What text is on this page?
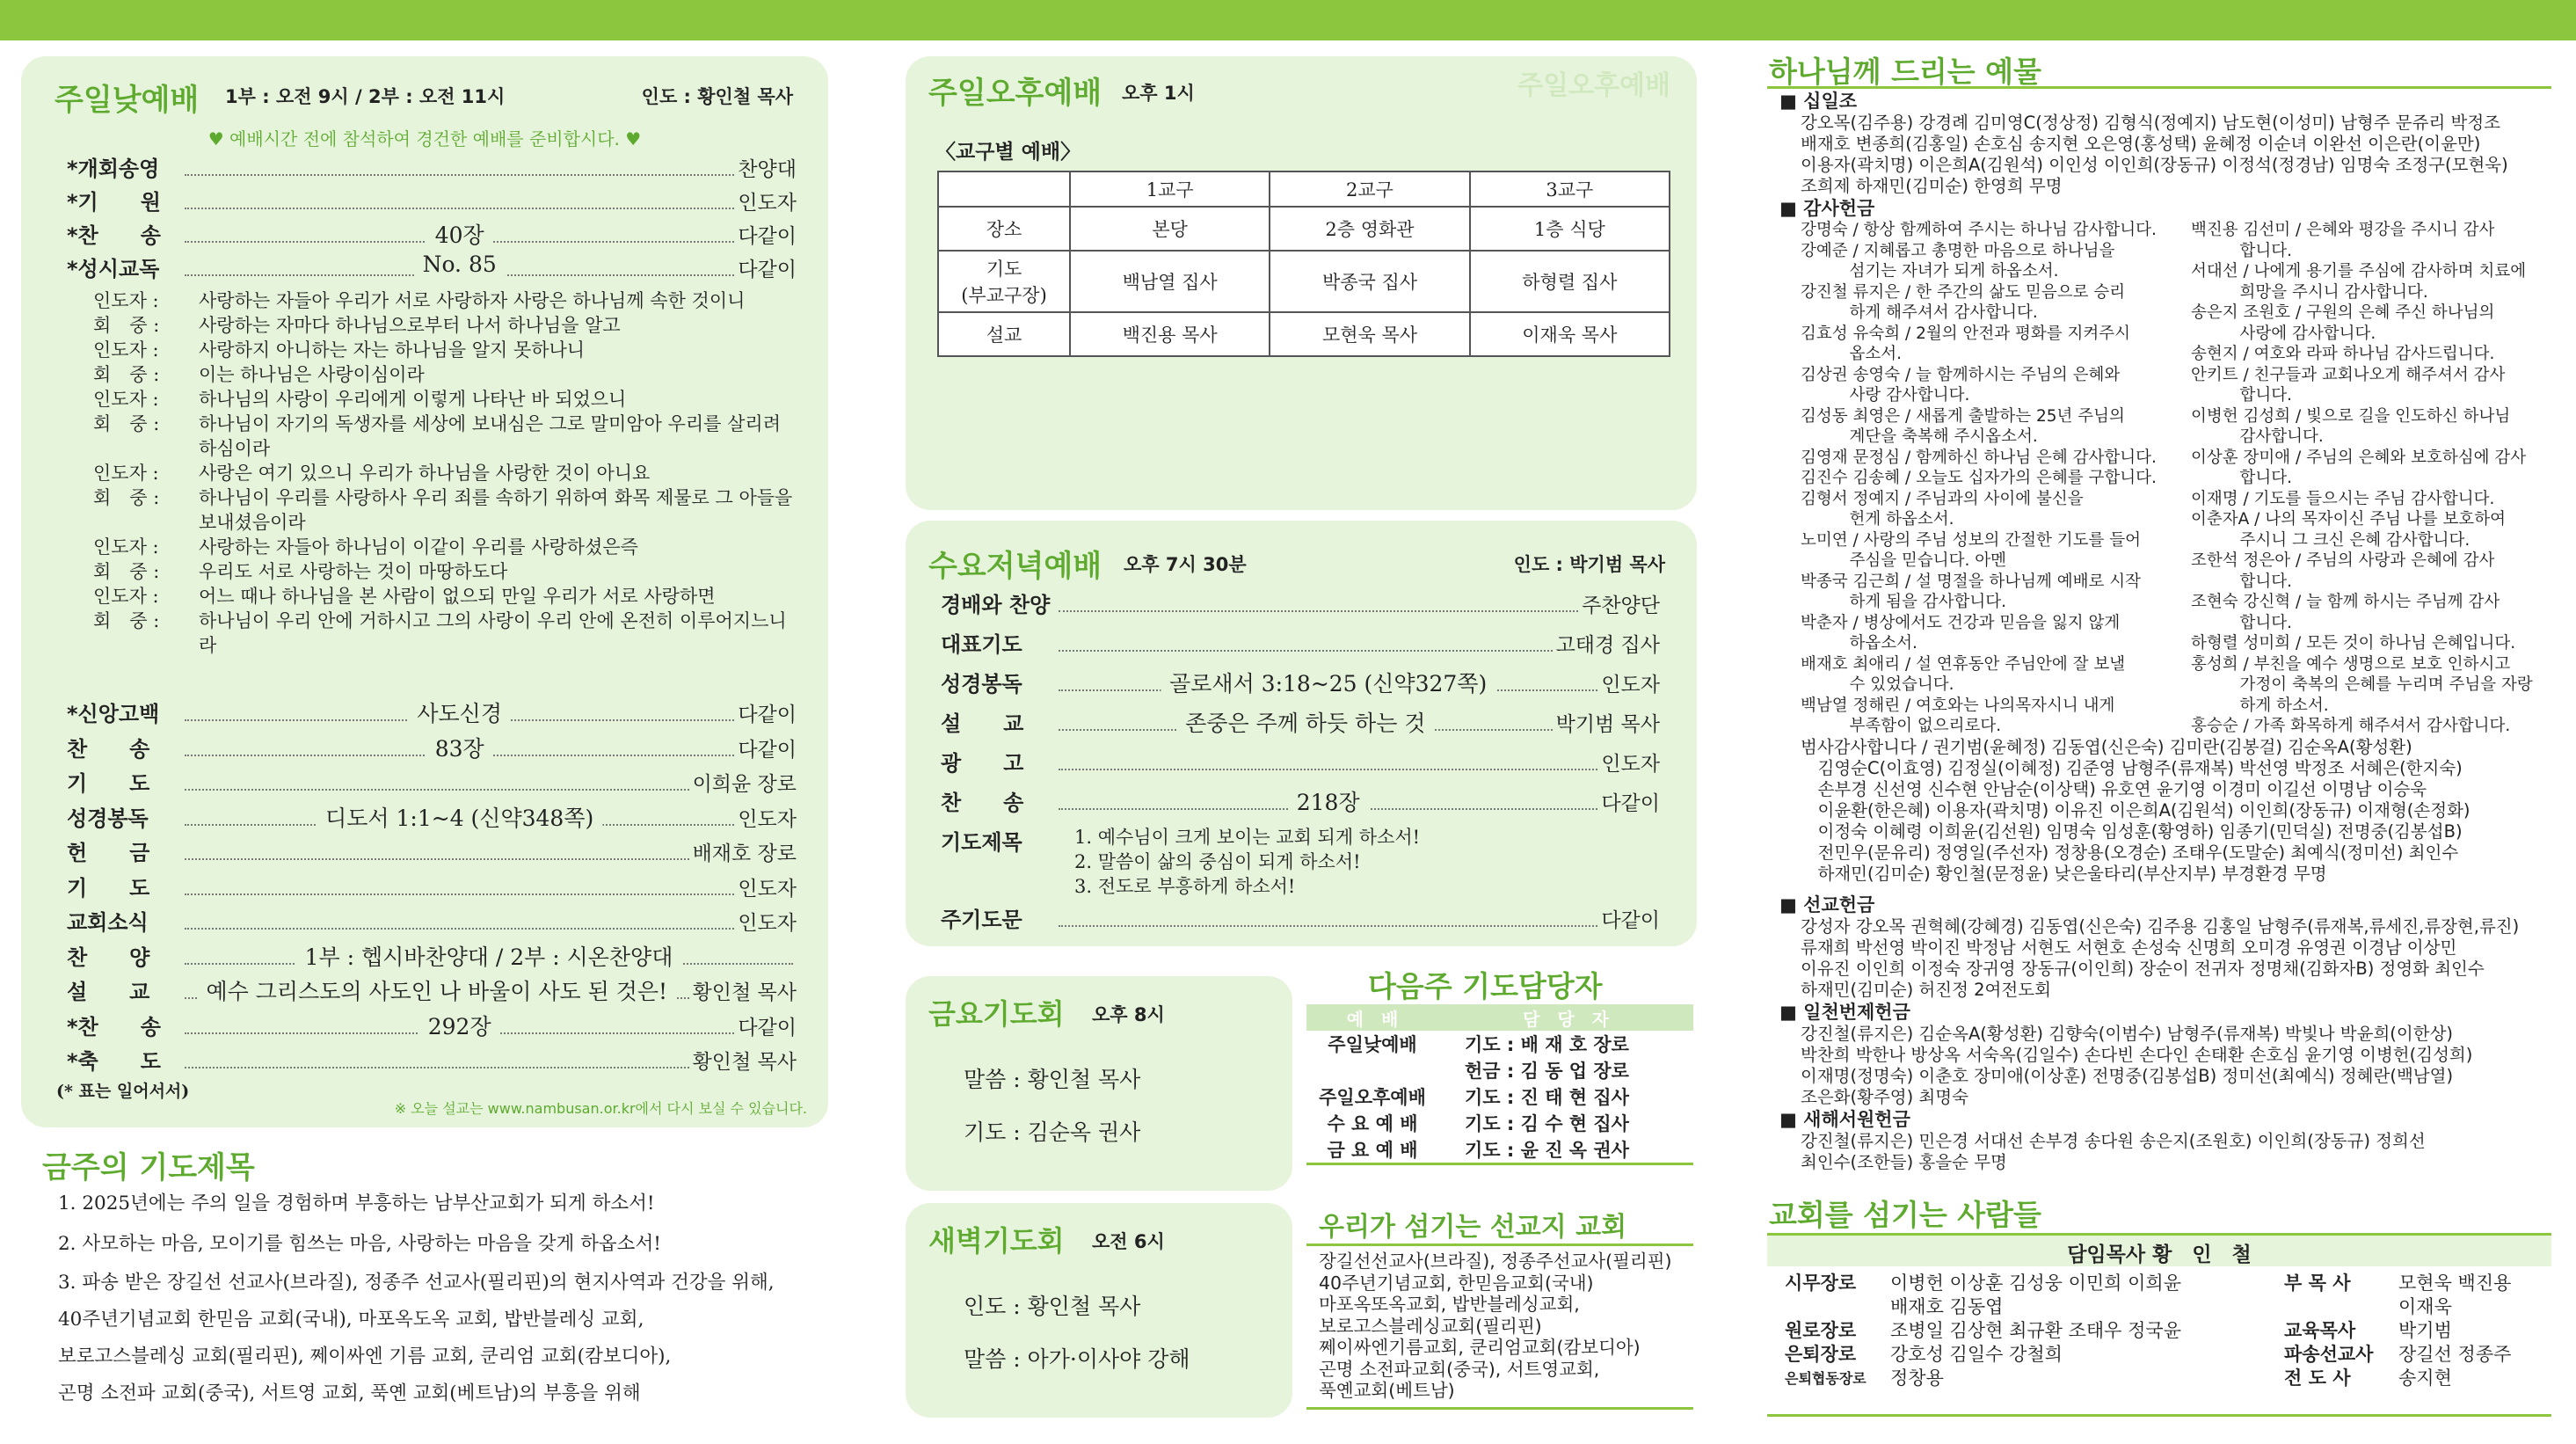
주일낮예배 1부 : 오전 9시 / 2부 : 오전 11시	인도 : 황인철 목사
♥ 예배시간 전에 참석하여 경건한 예배를 준비합시다. ♥
*개회송영	찬양대
*기　　원	인도자
*찬　　송	40장	다같이
*성시교독	No. 85	다같이
인도자 :	사랑하는 자들아 우리가 서로 사랑하자 사랑은 하나님께 속한 것이니
회　중 :	사랑하는 자마다 하나님으로부터 나서 하나님을 알고
인도자 :	사랑하지 아니하는 자는 하나님을 알지 못하나니
회　중 :	이는 하나님은 사랑이심이라
인도자 :	하나님의 사랑이 우리에게 이렇게 나타난 바 되었으니
회　중 :	하나님이 자기의 독생자를 세상에 보내심은 그로 말미암아 우리를 살리려 하심이라
인도자 :	사랑은 여기 있으니 우리가 하나님을 사랑한 것이 아니요
회　중 :	하나님이 우리를 사랑하사 우리 죄를 속하기 위하여 화목 제물로 그 아들을 보내셨음이라
인도자 :	사랑하는 자들아 하나님이 이같이 우리를 사랑하셨은즉
회　중 :	우리도 서로 사랑하는 것이 마땅하도다
인도자 :	어느 때나 하나님을 본 사람이 없으되 만일 우리가 서로 사랑하면
회　중 :	하나님이 우리 안에 거하시고 그의 사랑이 우리 안에 온전히 이루어지느니라
*신앙고백	사도신경	다같이
찬　　송	83장	다같이
기　　도	이희윤 장로
성경봉독	디도서 1:1~4 (신약348쪽)	인도자
헌　　금	배재호 장로
기　　도	인도자
교회소식	인도자
찬　　양	1부 : 헵시바찬양대 / 2부 : 시온찬양대
설　　교	예수 그리스도의 사도인 나 바울이 사도 된 것은!	황인철 목사
*찬　　송	292장	다같이
*축　　도	황인철 목사
(* 표는 일어서서)
※ 오늘 설교는 www.nambusan.or.kr에서 다시 보실 수 있습니다.
금주의 기도제목
1. 2025년에는 주의 일을 경험하며 부흥하는 남부산교회가 되게 하소서!
2. 사모하는 마음, 모이기를 힘쓰는 마음, 사랑하는 마음을 갖게 하옵소서!
3. 파송 받은 장길선 선교사(브라질), 정종주 선교사(필리핀)의 현지사역과 건강을 위해,
40주년기념교회 한믿음 교회(국내), 마포옥도옥 교회, 밥반블레싱 교회,
보로고스블레싱 교회(필리핀), 쩨이싸엔 기름 교회, 쿤리엄 교회(캄보디아),
곤명 소전파 교회(중국), 서트영 교회, 푹옌 교회(베트남)의 부흥을 위해
주일오후예배
주일오후예배 오후 1시
〈교구별 예배〉
	1교구	2교구	3교구

장소	본당	2층 영화관	1층 식당

기도
(부교구장)	백남열 집사	박종국 집사	하형렬 집사

설교	백진용 목사	모현욱 목사	이재욱 목사
수요저녁예배 오후 7시 30분	인도 : 박기범 목사
경배와 찬양	주찬양단
대표기도	고태경 집사
성경봉독	골로새서 3:18~25 (신약327쪽)	인도자
설　　교	존중은 주께 하듯 하는 것	박기범 목사
광　　고	인도자
찬　　송	218장	다같이
기도제목	1. 예수님이 크게 보이는 교회 되게 하소서!
2. 말씀이 삶의 중심이 되게 하소서!
3. 전도로 부흥하게 하소서!
주기도문	다같이
금요기도회 오후 8시
말씀 : 황인철 목사
기도 : 김순옥 권사
새벽기도회 오전 6시
인도 : 황인철 목사
말씀 : 아가·이사야 강해
다음주 기도담당자
예　배	담　당　자
주일낮예배	기도 : 배 재 호 장로
헌금 : 김 동 업 장로
주일오후예배	기도 : 진 태 현 집사
수 요 예 배	기도 : 김 수 현 집사
금 요 예 배	기도 : 윤 진 옥 권사
우리가 섬기는 선교지 교회
장길선선교사(브라질), 정종주선교사(필리핀)
40주년기념교회, 한믿음교회(국내)
마포옥또옥교회, 밥반블레싱교회,
보로고스블레싱교회(필리핀)
쩨이싸엔기름교회, 쿤리엄교회(캄보디아)
곤명 소전파교회(중국), 서트영교회,
푹옌교회(베트남)
하나님께 드리는 예물
■ 십일조
강오목(김주용) 강경례 김미영C(정상정) 김형식(정예지) 남도현(이성미) 남형주 문쥬리 박정조
배재호 변종희(김홍일) 손호심 송지현 오은영(홍성택) 윤혜정 이순녀 이완선 이은란(이윤만)
이용자(곽치명) 이은희A(김원석) 이인성 이인희(장동규) 이정석(정경남) 임명숙 조정구(모현욱)
조희제 하재민(김미순) 한영희 무명
■ 감사헌금
강명숙 / 항상 함께하여 주시는 하나님 감사합니다.
강예준 / 지혜롭고 총명한 마음으로 하나님을
　　　섬기는 자녀가 되게 하옵소서.
강진철 류지은 / 한 주간의 삶도 믿음으로 승리
　　　하게 해주셔서 감사합니다.
김효성 유숙희 / 2월의 안전과 평화를 지켜주시
　　　옵소서.
김상권 송영숙 / 늘 함께하시는 주님의 은혜와
　　　사랑 감사합니다.
김성동 최영은 / 새롭게 출발하는 25년 주님의
　　　계단을 축복해 주시옵소서.
김영재 문정심 / 함께하신 하나님 은혜 감사합니다.
김진수 김송혜 / 오늘도 십자가의 은혜를 구합니다.
김형서 정예지 / 주님과의 사이에 불신을
　　　헌게 하옵소서.
노미연 / 사랑의 주님 성보의 간절한 기도를 들어
　　　주심을 믿습니다. 아멘
박종국 김근희 / 설 명절을 하나님께 예배로 시작
　　　하게 됨을 감사합니다.
박춘자 / 병상에서도 건강과 믿음을 잃지 않게
　　　하옵소서.
배재호 최애리 / 설 연휴동안 주님안에 잘 보낼
　　　수 있었습니다.
백남열 정해린 / 여호와는 나의목자시니 내게
　　　부족함이 없으리로다.
백진용 김선미 / 은혜와 평강을 주시니 감사
　　　합니다.
서대선 / 나에게 용기를 주심에 감사하며 치료에
　　　희망을 주시니 감사합니다.
송은지 조원호 / 구원의 은혜 주신 하나님의
　　　사랑에 감사합니다.
송현지 / 여호와 라파 하나님 감사드립니다.
안키트 / 친구들과 교회나오게 해주셔서 감사
　　　합니다.
이병헌 김성희 / 빛으로 길을 인도하신 하나님
　　　감사합니다.
이상훈 장미애 / 주님의 은혜와 보호하심에 감사
　　　합니다.
이재명 / 기도를 들으시는 주님 감사합니다.
이춘자A / 나의 목자이신 주님 나를 보호하여
　　　주시니 그 크신 은혜 감사합니다.
조한석 정은아 / 주님의 사랑과 은혜에 감사
　　　합니다.
조현숙 강신혁 / 늘 함께 하시는 주님께 감사
　　　합니다.
하형렬 성미희 / 모든 것이 하나님 은혜입니다.
홍성희 / 부친을 예수 생명으로 보호 인하시고
　　　가정이 축복의 은혜를 누리며 주님을 자랑
　　　하게 하소서.
홍승순 / 가족 화목하게 해주셔서 감사합니다.
범사감사합니다 / 권기범(윤혜정) 김동엽(신은숙) 김미란(김봉걸) 김순옥A(황성환)
　김영순C(이효영) 김정실(이혜정) 김준영 남형주(류재복) 박선영 박정조 서혜은(한지숙)
　손부경 신선영 신수현 안남순(이상택) 유호연 윤기영 이경미 이길선 이명남 이승욱
　이윤환(한은혜) 이용자(곽치명) 이유진 이은희A(김원석) 이인희(장동규) 이재형(손정화)
　이정숙 이혜령 이희윤(김선원) 임명숙 임성훈(황영하) 임종기(민덕실) 전명중(김봉섭B)
　전민우(문유리) 정영일(주선자) 정창용(오경순) 조태우(도말순) 최예식(정미선) 최인수
　하재민(김미순) 황인철(문정윤) 낮은울타리(부산지부) 부경환경 무명
■ 선교헌금
강성자 강오목 권혁혜(강혜경) 김동엽(신은숙) 김주용 김홍일 남형주(류재복,류세진,류장현,류진)
류재희 박선영 박이진 박정남 서현도 서현호 손성숙 신명희 오미경 유영권 이경남 이상민
이유진 이인희 이정숙 장귀영 장동규(이인희) 장순이 전귀자 정명채(김화자B) 정영화 최인수
하재민(김미순) 허진정 2여전도회
■ 일천번제헌금
강진철(류지은) 김순옥A(황성환) 김향숙(이범수) 남형주(류재복) 박빛나 박윤희(이한상)
박찬희 박한나 방상옥 서숙옥(김일수) 손다빈 손다인 손태환 손호심 윤기영 이병헌(김성희)
이재명(정명숙) 이춘호 장미애(이상훈) 전명중(김봉섭B) 정미선(최예식) 정혜란(백남열)
조은화(황주영) 최명숙
■ 새해서원헌금
강진철(류지은) 민은경 서대선 손부경 송다원 송은지(조원호) 이인희(장동규) 정희선
최인수(조한들) 홍을순 무명
교회를 섬기는 사람들
담임목사 황　인　철
시무장로	이병헌 이상훈 김성웅 이민희 이희윤
배재호 김동엽
원로장로	조병일 김상현 최규환 조태우 정국윤
은퇴장로	강호성 김일수 강철희
은퇴협동장로	정창용
부 목 사	모현욱 백진용
이재욱
교육목사	박기범
파송선교사	장길선 정종주
전 도 사	송지현
